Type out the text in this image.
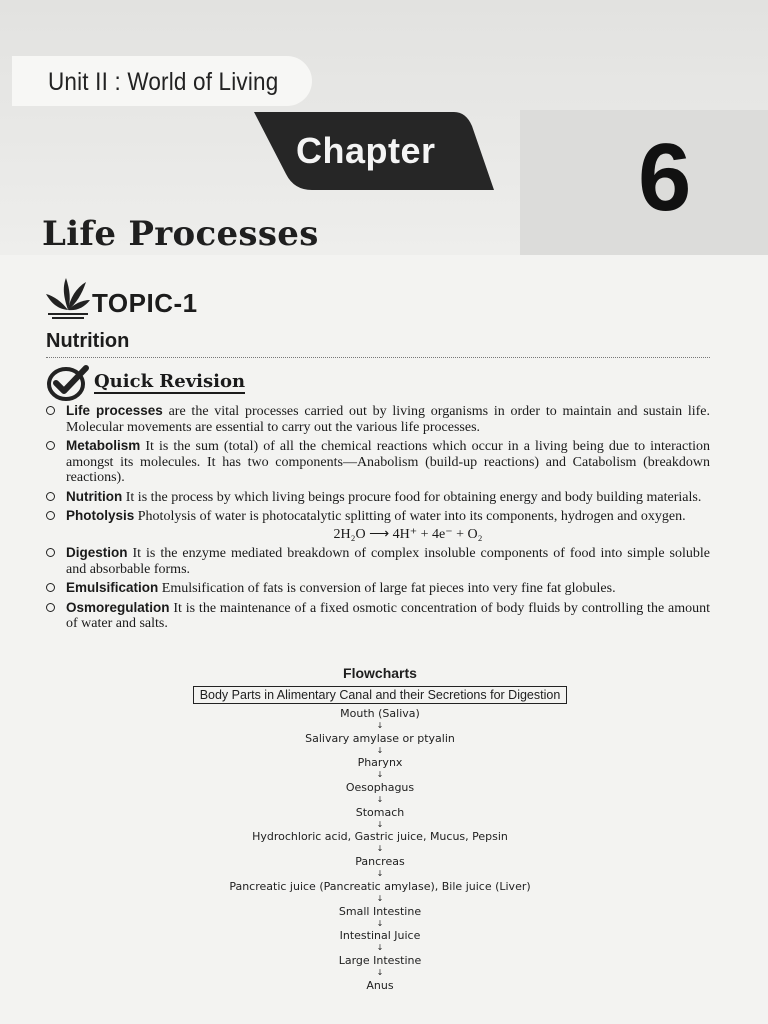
Unit II : World of Living
Chapter 6
Life Processes
TOPIC-1
Nutrition
Quick Revision
Life processes are the vital processes carried out by living organisms in order to maintain and sustain life. Molecular movements are essential to carry out the various life processes.
Metabolism It is the sum (total) of all the chemical reactions which occur in a living being due to interaction amongst its molecules. It has two components—Anabolism (build-up reactions) and Catabolism (breakdown reactions).
Nutrition It is the process by which living beings procure food for obtaining energy and body building materials.
Photolysis Photolysis of water is photocatalytic splitting of water into its components, hydrogen and oxygen.
2H₂O ⟶ 4H⁺ + 4e⁻ + O₂
Digestion It is the enzyme mediated breakdown of complex insoluble components of food into simple soluble and absorbable forms.
Emulsification Emulsification of fats is conversion of large fat pieces into very fine fat globules.
Osmoregulation It is the maintenance of a fixed osmotic concentration of body fluids by controlling the amount of water and salts.
Flowcharts
Body Parts in Alimentary Canal and their Secretions for Digestion
Mouth (Saliva)
↓
Salivary amylase or ptyalin
↓
Pharynx
↓
Oesophagus
↓
Stomach
↓
Hydrochloric acid, Gastric juice, Mucus, Pepsin
↓
Pancreas
↓
Pancreatic juice (Pancreatic amylase), Bile juice (Liver)
↓
Small Intestine
↓
Intestinal Juice
↓
Large Intestine
↓
Anus
